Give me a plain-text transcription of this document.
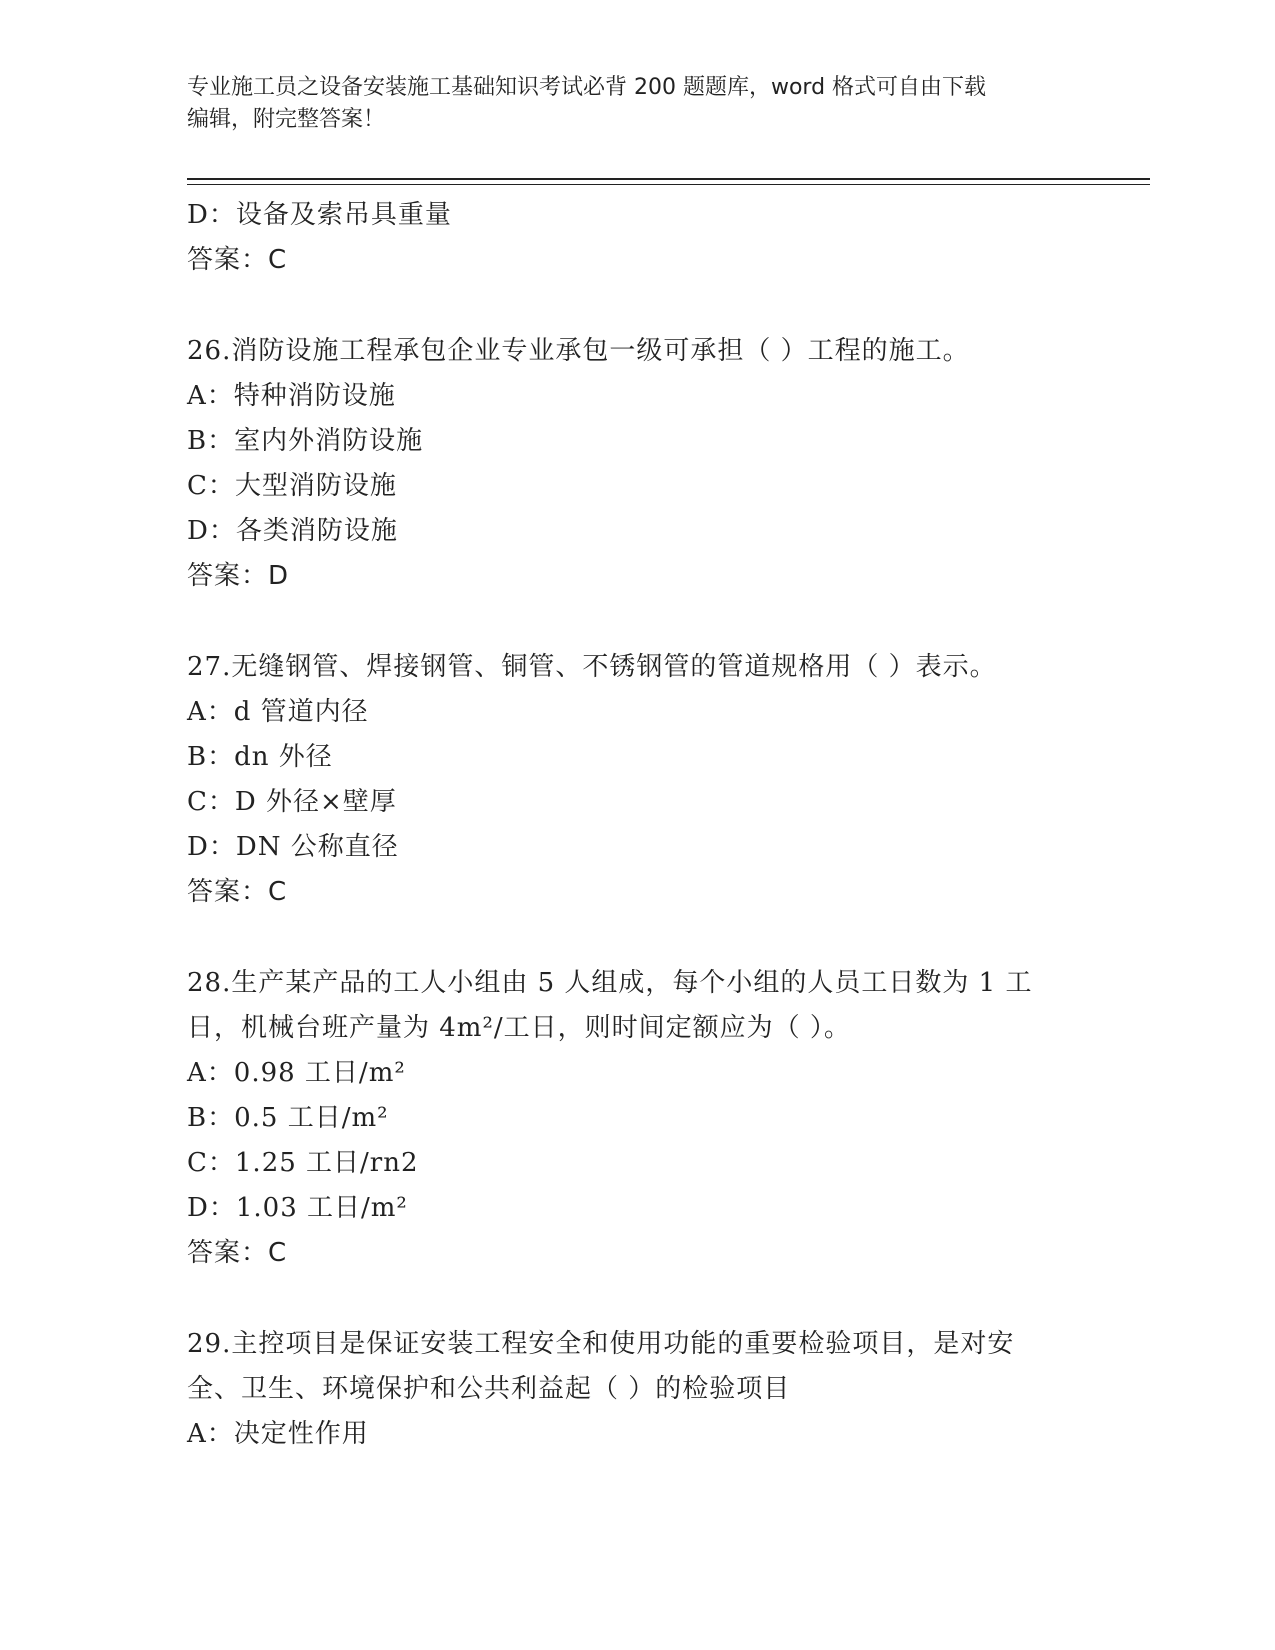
专业施工员之设备安装施工基础知识考试必背 200 题题库，word 格式可自由下载
编辑，附完整答案！
D：设备及索吊具重量
答案：C
26.消防设施工程承包企业专业承包一级可承担（ ）工程的施工。
A：特种消防设施
B：室内外消防设施
C：大型消防设施
D：各类消防设施
答案：D
27.无缝钢管、焊接钢管、铜管、不锈钢管的管道规格用（ ）表示。
A：d 管道内径
B：dn 外径
C：D 外径×壁厚
D：DN 公称直径
答案：C
28.生产某产品的工人小组由 5 人组成，每个小组的人员工日数为 1 工
日，机械台班产量为 4m²/工日，则时间定额应为（ ）。
A：0.98 工日/m²
B：0.5 工日/m²
C：1.25 工日/rn2
D：1.03 工日/m²
答案：C
29.主控项目是保证安装工程安全和使用功能的重要检验项目，是对安
全、卫生、环境保护和公共利益起（ ）的检验项目
A：决定性作用
